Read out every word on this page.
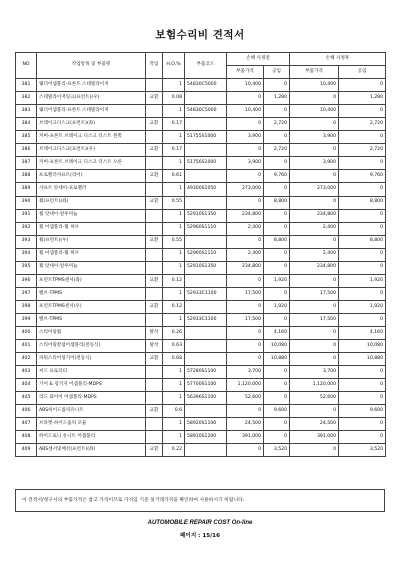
보험수리비 견적서
NO	작업항목 및 부품명	작업	H,O,%	부품코드	손해 사정전		손해 사정후	
					부품가격	공임	부품가격	공임
381	웨더어셈블리-프론트 스테빌라이저		1	54830C5000	10,400	0	10,400	0
382	스테빌라이저링크(프런트)(우)	교환	0.08		0	1,280	0	1,280
383	웨더어셈블리-프론트 스테빌라이저		1	54830C5000	10,400	0	10,400	0
384	브레이크디스크(프런트)(좌)	교환	0.17		0	2,720	0	2,720
385	커버-프론트 브레이크 디스크 더스트 왼쪽		1	51755S1000	3,900	0	3,900	0
386	브레이크디스크(프런트)(우)	교환	0.17		0	2,720	0	2,720
387	커버-프론트 브레이크 디스크 더스트 오른		1	51756S1000	3,900	0	3,900	0
388	프로펠러샤프트(리어)	교환	0.61		0	9,760	0	9,760
389	샤프트 앗세이-프로펠러		1	49300S1050	273,000	0	273,000	0
390	휠(프런트)(좌)	교환	0.55		0	8,800	0	8,800
391	휠 앗세이-알루미늄		1	52910S1350	234,800	0	234,800	0
392	휠 어셈블리-휠 허브		1	52960S1110	2,400	0	2,400	0
393	휠(프런트)(우)	교환	0.55		0	8,800	0	8,800
394	휠 어셈블리-휠 허브		1	52960S1110	2,400	0	2,400	0
395	휠 앗세이-알루미늄		1	52910S1350	234,800	0	234,800	0
396	프런트TPMS센서(좌)	교환	0.12		0	1,920	0	1,920
397	밸브-TPMS		1	52933C1100	17,500	0	17,500	0
398	프런트TPMS센서(우)	교환	0.12		0	1,920	0	1,920
399	밸브-TPMS		1	52933C1100	17,500	0	17,500	0
400	스티어링휠	탈착	0.26		0	4,160	0	4,160
401	스티어링칼럼어셈블리(전동식)	탈착	0.63		0	10,080	0	10,080
402	파워스티어링기어(전동식)	교환	0.68		0	10,880	0	10,880
403	씨드 프로덕터		1	57280S1100	3,700	0	3,700	0
404	기어 & 링키지 어셈블리-MDPS		1	57700S1100	1,120,000	0	1,120,000	0
405	리드 와이어 어셈블리-MDPS		1	56396S1100	52,600	0	52,600	0
406	ABS하이드롤릭유니트	교환	0.6		0	9,600	0	9,600
407	브라켓-하이드롤릭 모듈		1	58920S1100	24,500	0	24,500	0
408	하이드로닉 유니트 어셈블리		1	58910S1200	391,000	0	391,000	0
409	ABS센서및배선(프런트)(좌)	교환	0.22		0	3,520	0	3,520
이 견적서/청구서의 부품가격은 참고 가격이므로 가격임 기준 실거래가격을 확인하여 사용하시기 바랍니다.
AUTOMOBILE REPAIR COST On-line
페이지 : 15/16
